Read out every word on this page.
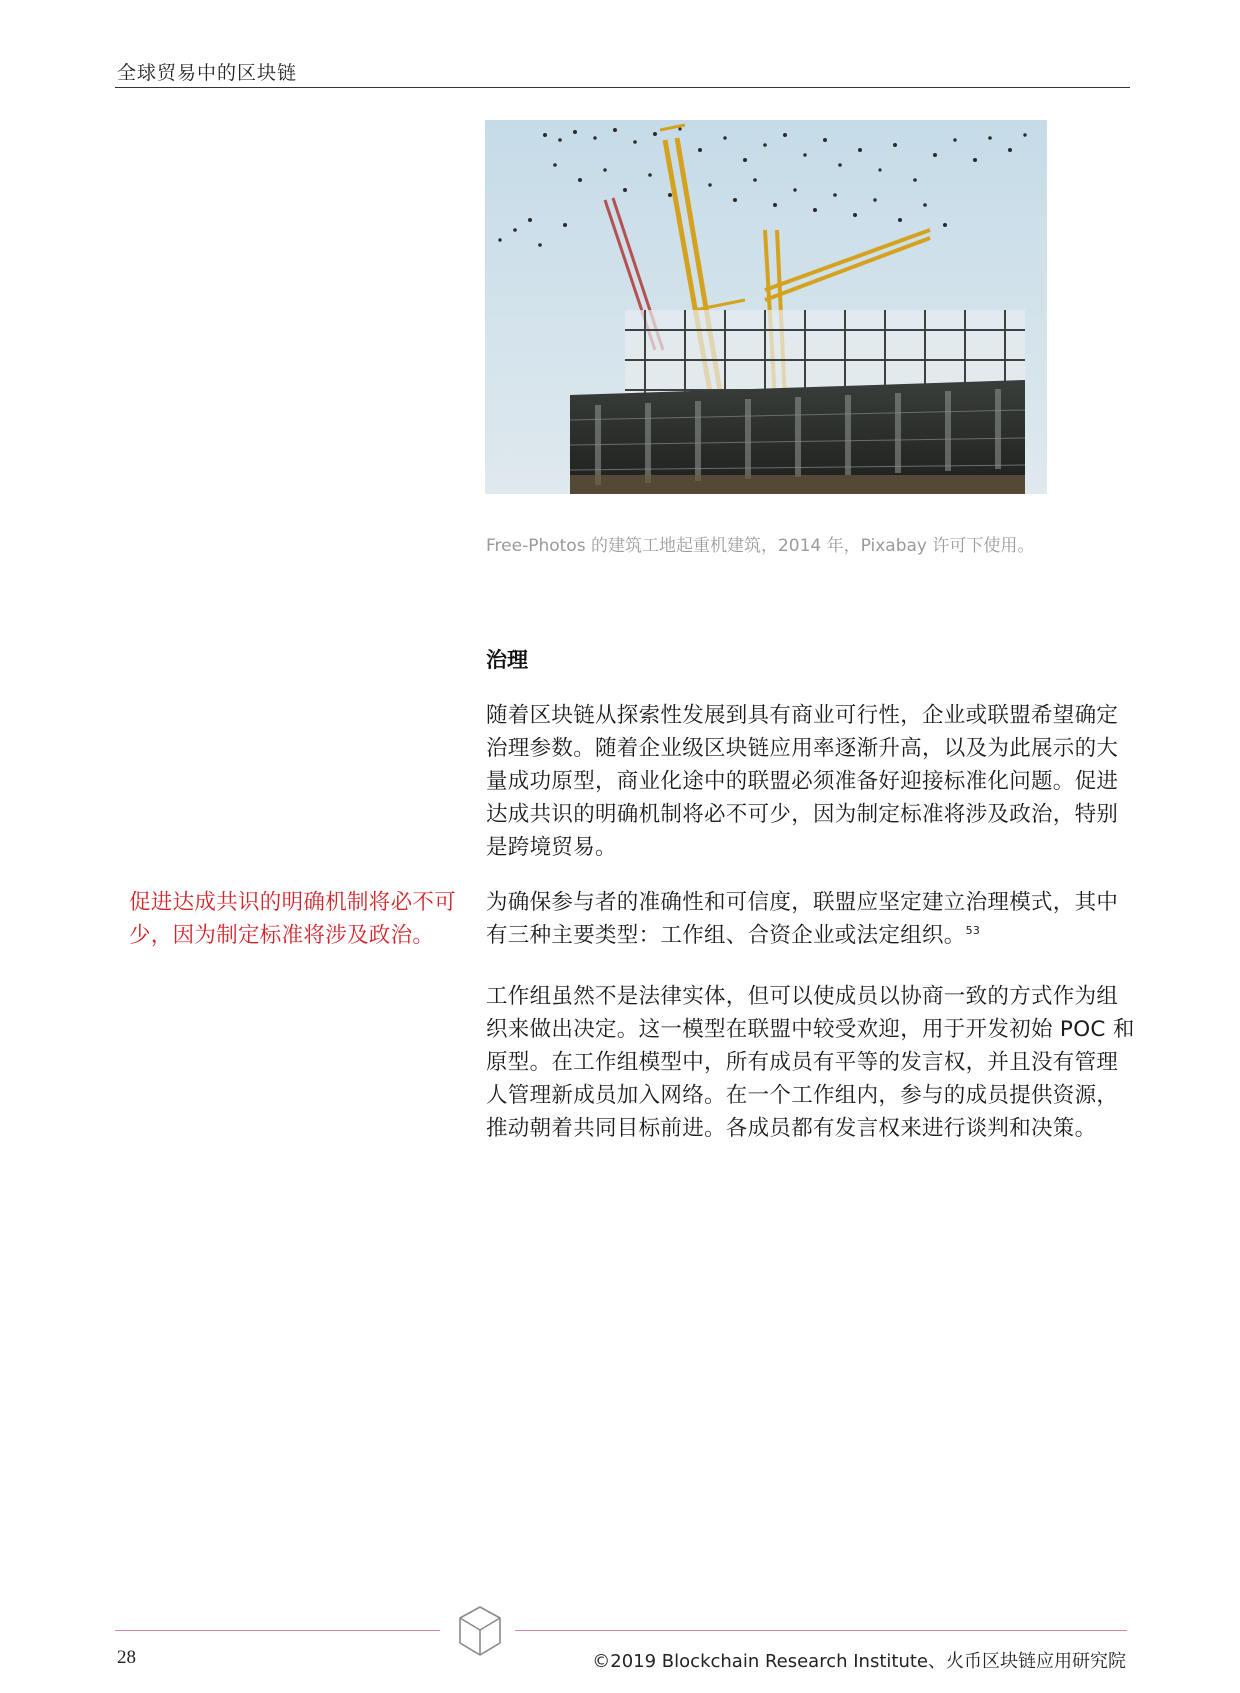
全球贸易中的区块链
Free-Photos 的建筑工地起重机建筑，2014 年，Pixabay 许可下使用。
治理

随着区块链从探索性发展到具有商业可行性，企业或联盟希望确定

治理参数。随着企业级区块链应用率逐渐升高，以及为此展示的大

量成功原型，商业化途中的联盟必须准备好迎接标准化问题。促进

达成共识的明确机制将必不可少，因为制定标准将涉及政治，特别

是跨境贸易。

促进达成共识的明确机制将必不可

少，因为制定标准将涉及政治。

为确保参与者的准确性和可信度，联盟应坚定建立治理模式，其中

有三种主要类型：工作组、合资企业或法定组织。$^{53}$

工作组虽然不是法律实体，但可以使成员以协商一致的方式作为组

织来做出决定。这一模型在联盟中较受欢迎，用于开发初始 POC 和

原型。在工作组模型中，所有成员有平等的发言权，并且没有管理

人管理新成员加入网络。在一个工作组内，参与的成员提供资源，

推动朝着共同目标前进。各成员都有发言权来进行谈判和决策。

28	©2019 Blockchain Research Institute、火币区块链应用研究院
